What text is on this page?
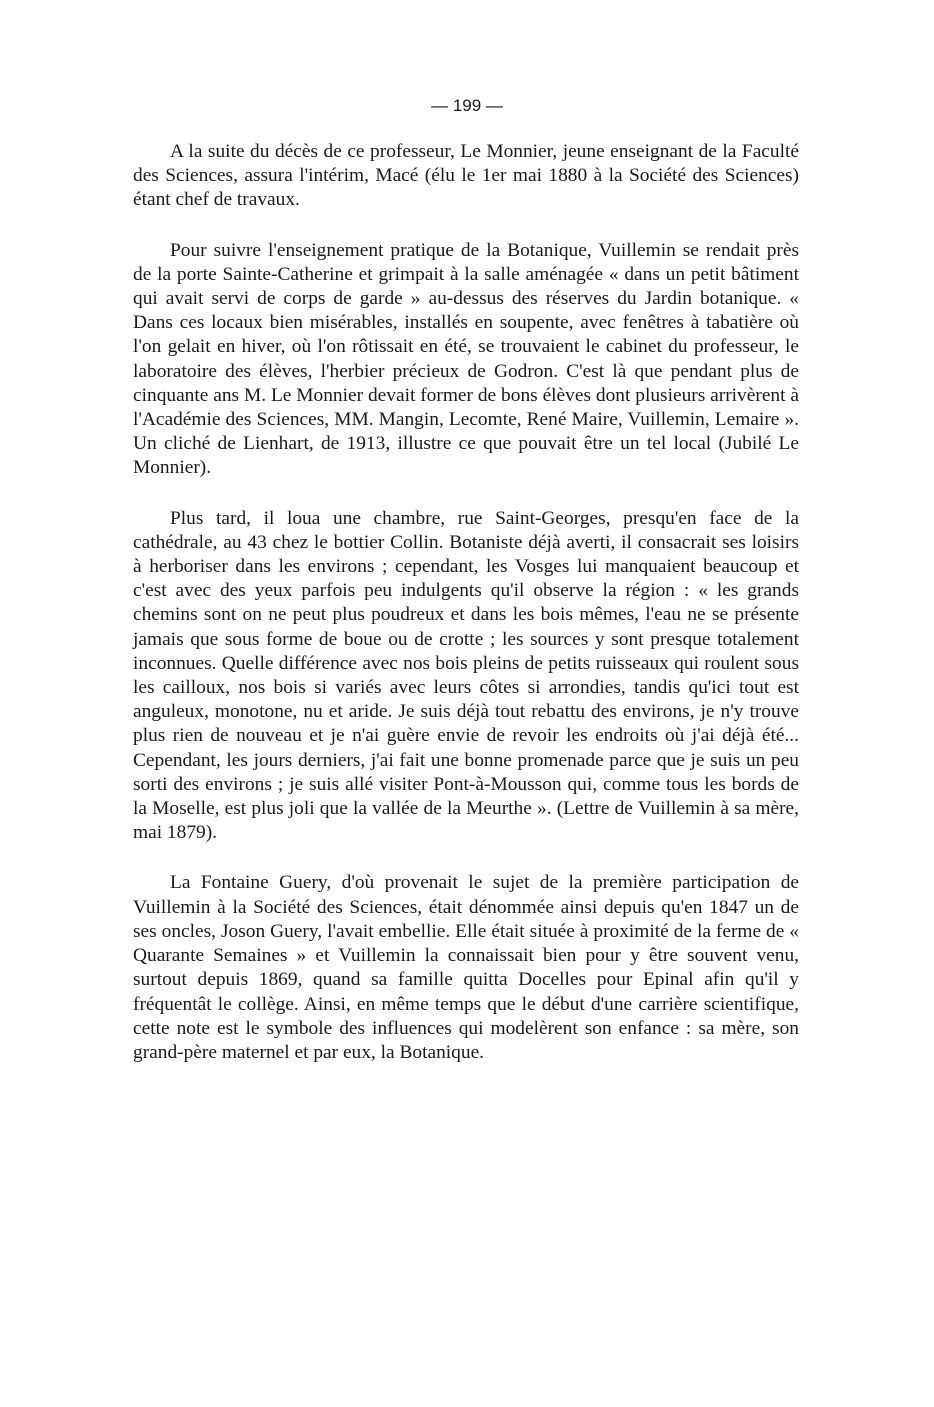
— 199 —

A la suite du décès de ce professeur, Le Monnier, jeune enseignant de la Faculté des Sciences, assura l'intérim, Macé (élu le 1er mai 1880 à la Société des Sciences) étant chef de travaux.

Pour suivre l'enseignement pratique de la Botanique, Vuillemin se rendait près de la porte Sainte-Catherine et grimpait à la salle aménagée « dans un petit bâtiment qui avait servi de corps de garde » au-dessus des réserves du Jardin botanique. « Dans ces locaux bien misérables, installés en soupente, avec fenêtres à tabatière où l'on gelait en hiver, où l'on rôtissait en été, se trouvaient le cabinet du professeur, le laboratoire des élèves, l'herbier précieux de Godron. C'est là que pendant plus de cinquante ans M. Le Monnier devait former de bons élèves dont plusieurs arrivèrent à l'Académie des Sciences, MM. Mangin, Lecomte, René Maire, Vuillemin, Lemaire ». Un cliché de Lienhart, de 1913, illustre ce que pouvait être un tel local (Jubilé Le Monnier).

Plus tard, il loua une chambre, rue Saint-Georges, presqu'en face de la cathédrale, au 43 chez le bottier Collin. Botaniste déjà averti, il consacrait ses loisirs à herboriser dans les environs ; cependant, les Vosges lui manquaient beaucoup et c'est avec des yeux parfois peu indulgents qu'il observe la région : « les grands chemins sont on ne peut plus poudreux et dans les bois mêmes, l'eau ne se présente jamais que sous forme de boue ou de crotte ; les sources y sont presque totalement inconnues. Quelle différence avec nos bois pleins de petits ruisseaux qui roulent sous les cailloux, nos bois si variés avec leurs côtes si arrondies, tandis qu'ici tout est anguleux, monotone, nu et aride. Je suis déjà tout rebattu des environs, je n'y trouve plus rien de nouveau et je n'ai guère envie de revoir les endroits où j'ai déjà été... Cependant, les jours derniers, j'ai fait une bonne promenade parce que je suis un peu sorti des environs ; je suis allé visiter Pont-à-Mousson qui, comme tous les bords de la Moselle, est plus joli que la vallée de la Meurthe ». (Lettre de Vuillemin à sa mère, mai 1879).

La Fontaine Guery, d'où provenait le sujet de la première participation de Vuillemin à la Société des Sciences, était dénommée ainsi depuis qu'en 1847 un de ses oncles, Joson Guery, l'avait embellie. Elle était située à proximité de la ferme de « Quarante Semaines » et Vuillemin la connaissait bien pour y être souvent venu, surtout depuis 1869, quand sa famille quitta Docelles pour Epinal afin qu'il y fréquentât le collège. Ainsi, en même temps que le début d'une carrière scientifique, cette note est le symbole des influences qui modelèrent son enfance : sa mère, son grand-père maternel et par eux, la Botanique.
